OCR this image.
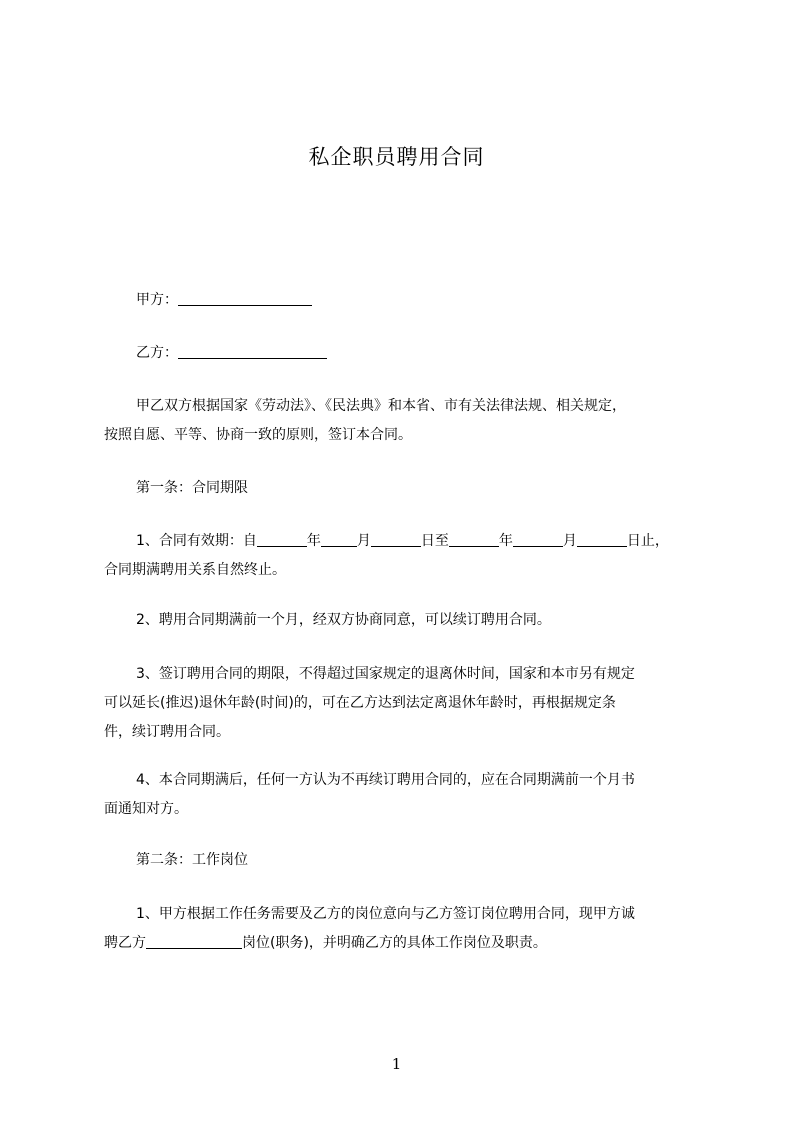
私企职员聘用合同
甲方：
乙方：
甲乙双方根据国家《劳动法》、《民法典》和本省、市有关法律法规、相关规定，
按照自愿、平等、协商一致的原则，签订本合同。
第一条：合同期限
1、合同有效期：自	年	月	日至	年	月	日止，
合同期满聘用关系自然终止。
2、聘用合同期满前一个月，经双方协商同意，可以续订聘用合同。
3、签订聘用合同的期限，不得超过国家规定的退离休时间，国家和本市另有规定
可以延长(推迟)退休年龄(时间)的，可在乙方达到法定离退休年龄时，再根据规定条
件，续订聘用合同。
4、本合同期满后，任何一方认为不再续订聘用合同的，应在合同期满前一个月书
面通知对方。
第二条：工作岗位
1、甲方根据工作任务需要及乙方的岗位意向与乙方签订岗位聘用合同，现甲方诚
聘乙方	岗位(职务)，并明确乙方的具体工作岗位及职责。
1
